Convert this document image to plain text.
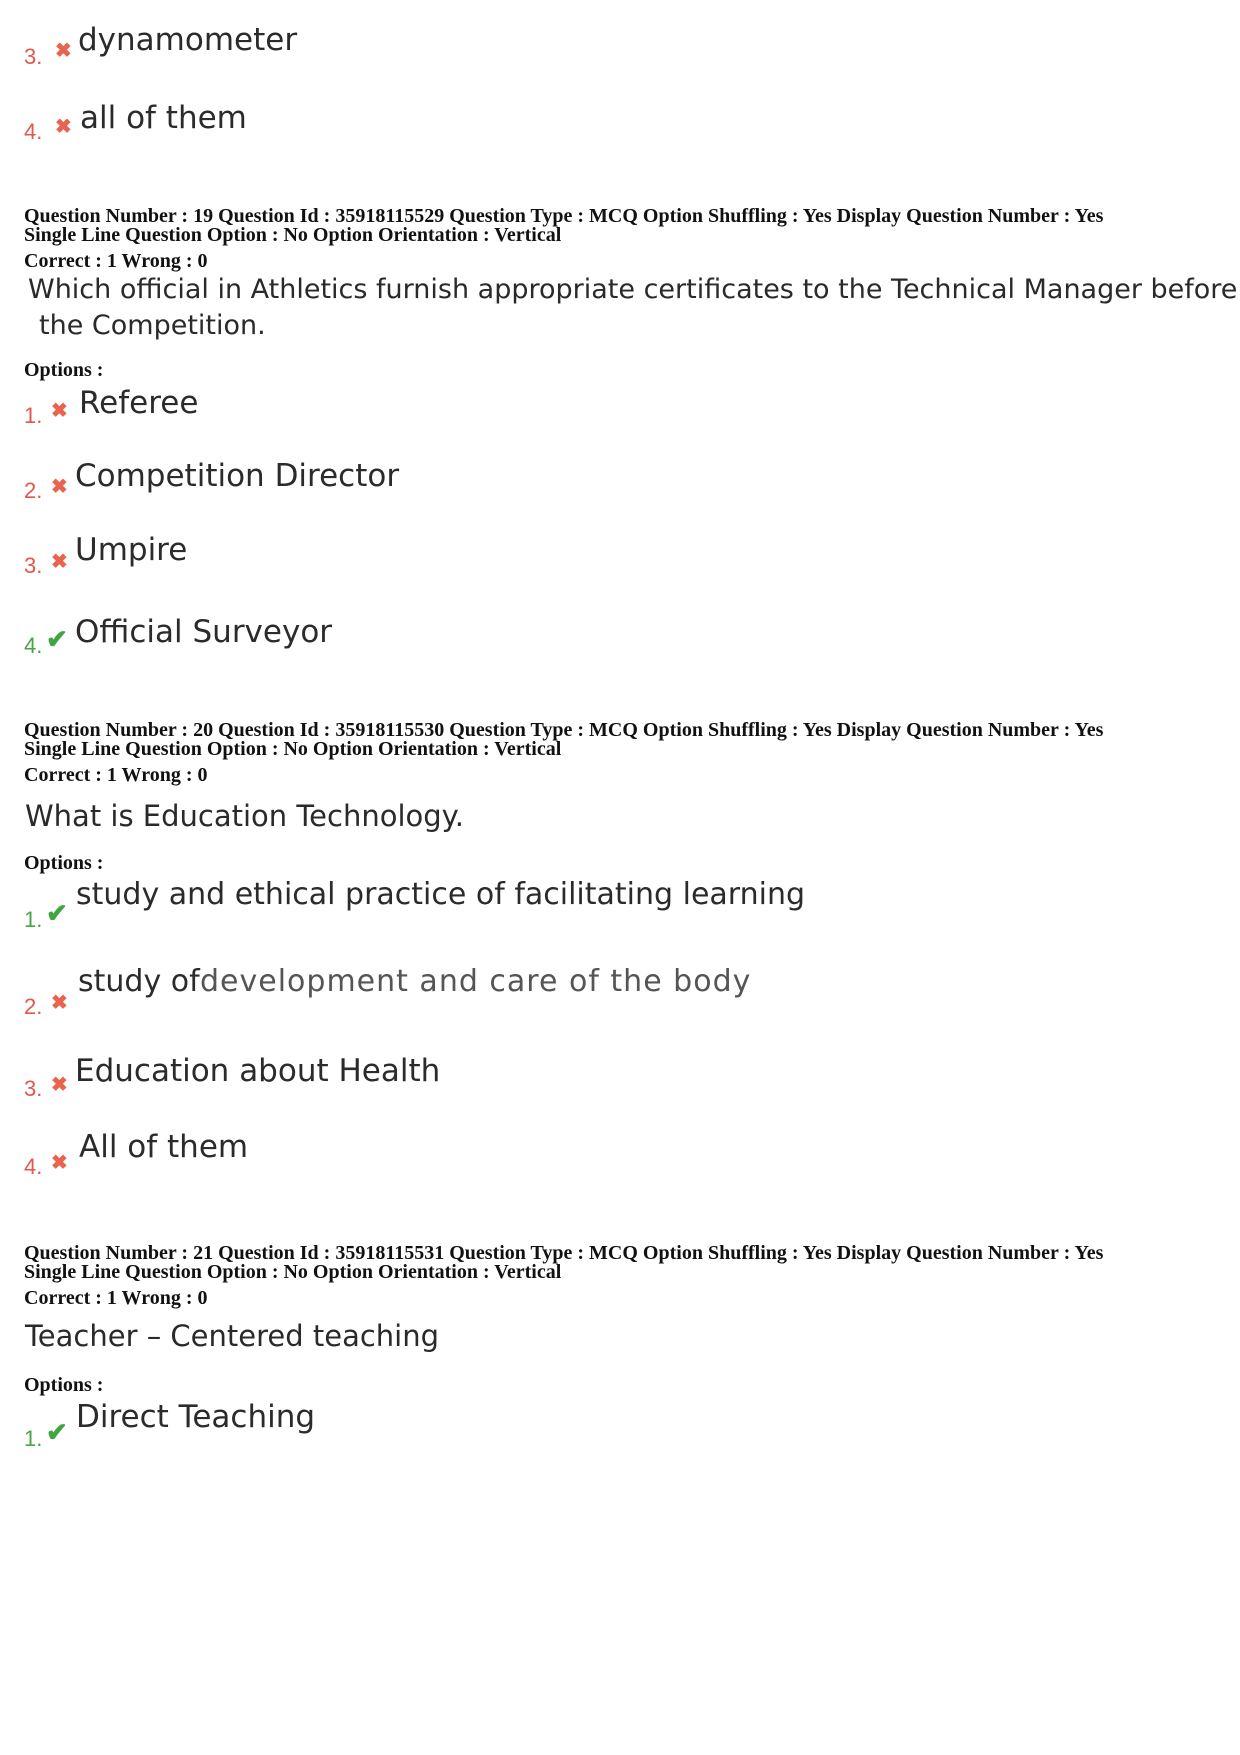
3. ✖ dynamometer
4. ✖ all of them
Question Number : 19 Question Id : 35918115529 Question Type : MCQ Option Shuffling : Yes Display Question Number : Yes
Single Line Question Option : No Option Orientation : Vertical
Correct : 1 Wrong : 0
Which official in Athletics furnish appropriate certificates to the Technical Manager before
the Competition.
Options :
1. ✖ Referee
2. ✖ Competition Director
3. ✖ Umpire
4. ✔ Official Surveyor
Question Number : 20 Question Id : 35918115530 Question Type : MCQ Option Shuffling : Yes Display Question Number : Yes
Single Line Question Option : No Option Orientation : Vertical
Correct : 1 Wrong : 0
What is Education Technology.
Options :
1. ✔
study and ethical practice of facilitating learning
2. ✖
study of development and care of the body
3. ✖ Education about Health
4. ✖ All of them
Question Number : 21 Question Id : 35918115531 Question Type : MCQ Option Shuffling : Yes Display Question Number : Yes
Single Line Question Option : No Option Orientation : Vertical
Correct : 1 Wrong : 0
Teacher – Centered teaching
Options :
1. ✔ Direct Teaching
